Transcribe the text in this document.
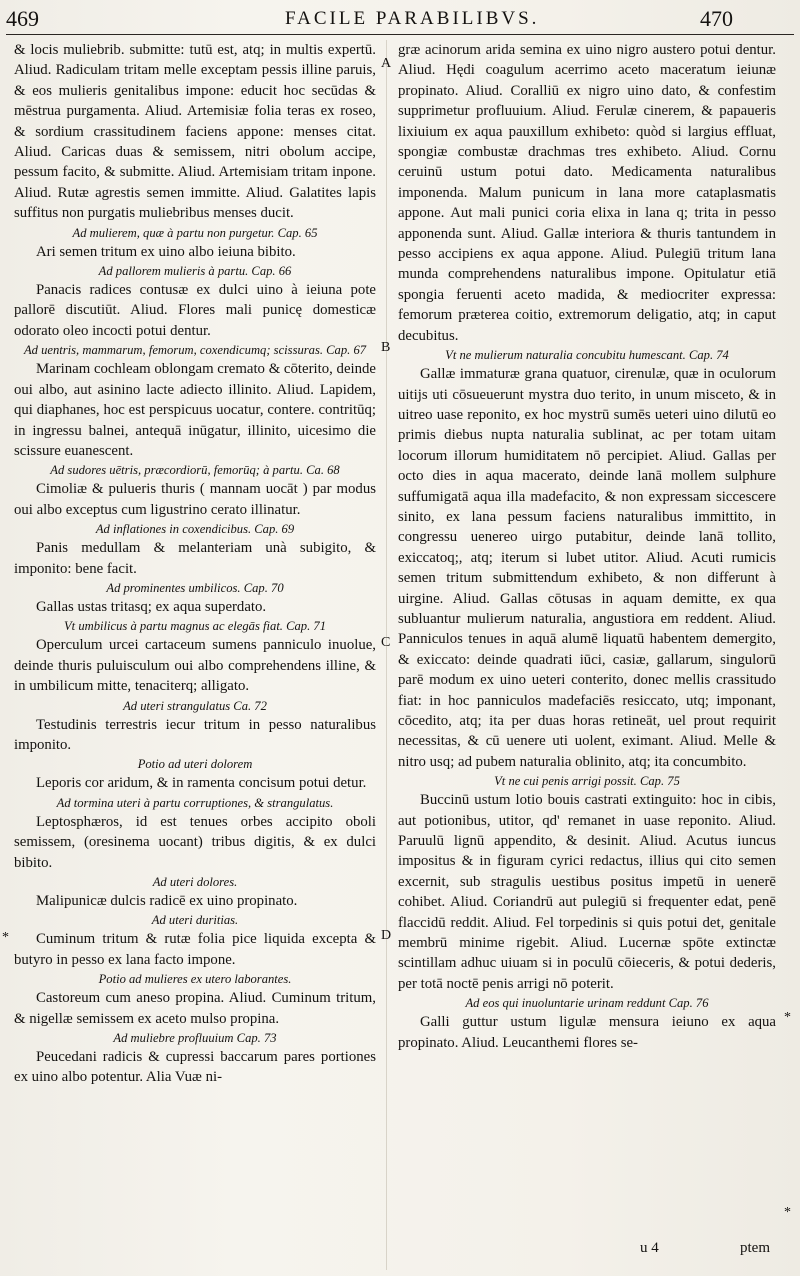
469	FACILE PARABILIBVS.	470

& locis muliebrib. submitte: tutū est, atq; in multis expertū. Aliud. Radiculam tritam melle exceptam pessis illine paruis, & eos mulieris genitalibus impone: educit hoc secūdas & mēstrua purgamenta. Aliud. Artemisiæ folia teras ex roseo, & sordium crassitudinem faciens appone: menses citat. Aliud. Caricas duas & semissem, nitri obolum accipe, pessum facito, & submitte. Aliud. Artemisiam tritam inpone. Aliud. Rutæ agrestis semen immitte. Aliud. Galatites lapis suffitus non purgatis muliebribus menses ducit.

Ad mulierem, quæ à partu non purgetur. Cap. 65

Ari semen tritum ex uino albo ieiuna bibito.

Ad pallorem mulieris à partu. Cap. 66

Panacis radices contusæ ex dulci uino à ieiuna pote pallorē discutiūt. Aliud. Flores mali punicę domesticæ odorato oleo incocti potui dentur.

Ad uentris, mammarum, femorum, coxendicumq; scissuras. Cap. 67

Marinam cochleam oblongam cremato & cōterito, deinde oui albo, aut asinino lacte adiecto illinito. Aliud. Lapidem, qui diaphanes, hoc est perspicuus uocatur, contere. contritūq; in ingressu balnei, antequā inūgatur, illinito, uicesimo die scissure euanescent.

Ad sudores uētris, præcordiorū, femorūq; à partu. Ca. 68

Cimoliæ & pulueris thuris ( mannam uocāt ) par modus oui albo exceptus cum ligustrino cerato illinatur.

Ad inflationes in coxendicibus. Cap. 69

Panis medullam & melanteriam unà subigito, & imponito: bene facit.

Ad prominentes umbilicos. Cap. 70

Gallas ustas tritasq; ex aqua superdato.

Vt umbilicus à partu magnus ac elegās fiat. Cap. 71

Operculum urcei cartaceum sumens panniculo inuolue, deinde thuris puluisculum oui albo comprehendens illine, & in umbilicum mitte, tenaciterq; alligato.

Ad uteri strangulatus Ca. 72

Testudinis terrestris iecur tritum in pesso naturalibus imponito.

Potio ad uteri dolorem

Leporis cor aridum, & in ramenta concisum potui detur.

Ad tormina uteri à partu corruptiones, & strangulatus.

Leptosphæros, id est tenues orbes accipito oboli semissem, (oresinema uocant) tribus digitis, & ex dulci bibito.

Ad uteri dolores.

Malipunicæ dulcis radicē ex uino propinato.

Ad uteri duritias.

Cuminum tritum & rutæ folia pice liquida excepta & butyro in pesso ex lana facto impone.

Potio ad mulieres ex utero laborantes.

Castoreum cum aneso propina. Aliud. Cuminum tritum, & nigellæ semissem ex aceto mulso propina.

Ad muliebre profluuium Cap. 73

Peucedani radicis & cupressi baccarum pares portiones ex uino albo potentur. Alia Vuæ ni-

græ acinorum arida semina ex uino nigro austero potui dentur. Aliud. Hędi coagulum acerrimo aceto maceratum ieiunæ propinato. Aliud. Coralliū ex nigro uino dato, & confestim supprimetur profluuium. Aliud. Ferulæ cinerem, & papaueris lixiuium ex aqua pauxillum exhibeto: quòd si largius effluat, spongiæ combustæ drachmas tres exhibeto. Aliud. Cornu ceruinū ustum potui dato. Medicamenta naturalibus imponenda. Malum punicum in lana more cataplasmatis appone. Aut mali punici coria elixa in lana q; trita in pesso apponenda sunt. Aliud. Gallæ interiora & thuris tantundem in pesso accipiens ex aqua appone. Aliud. Pulegiū tritum lana munda comprehendens naturalibus impone. Opitulatur etiā spongia feruenti aceto madida, & mediocriter expressa: femorum præterea coitio, extremorum deligatio, atq; in caput decubitus.

Vt ne mulierum naturalia concubitu humescant. Cap. 74

Gallæ immaturæ grana quatuor, cirenulæ, quæ in oculorum uitijs uti cōsueuerunt mystra duo terito, in unum misceto, & in uitreo uase reponito, ex hoc mystrū sumēs ueteri uino dilutū eo primis diebus nupta naturalia sublinat, ac per totam uitam locorum illorum humiditatem nō percipiet. Aliud. Gallas per octo dies in aqua macerato, deinde lanā mollem sulphure suffumigatā aqua illa madefacito, & non expressam siccescere sinito, ex lana pessum faciens naturalibus immittito, in congressu uenereo uirgo putabitur, deinde lanā tollito, exiccatoq;, atq; iterum si lubet utitor. Aliud. Acuti rumicis semen tritum submittendum exhibeto, & non differunt à uirgine. Aliud. Gallas cōtusas in aquam demitte, ex qua subluantur mulierum naturalia, angustiora em reddent. Aliud. Panniculos tenues in aquā alumē liquatū habentem demergito, & exiccato: deinde quadrati iūci, casiæ, gallarum, singulorū parē modum ex uino ueteri conterito, donec mellis crassitudo fiat: in hoc panniculos madefaciēs resiccato, utq; imponant, cōcedito, atq; ita per duas horas retineāt, uel prout requirit necessitas, & cū uenere uti uolent, eximant. Aliud. Melle & nitro usq; ad pubem naturalia oblinito, atq; ita concumbito.

Vt ne cui penis arrigi possit. Cap. 75

Buccinū ustum lotio bouis castrati extinguito: hoc in cibis, aut potionibus, utitor, qd' remanet in uase reponito. Aliud. Paruulū lignū appendito, & desinit. Aliud. Acutus iuncus impositus & in figuram cyrici redactus, illius qui cito semen excernit, sub stragulis uestibus positus impetū in uenerē cohibet. Aliud. Coriandrū aut pulegiū si frequenter edat, penē flaccidū reddit. Aliud. Fel torpedinis si quis potui det, genitale membrū minime rigebit. Aliud. Lucernæ spōte extinctæ scintillam adhuc uiuam si in poculū cōieceris, & potui dederis, per totā noctē penis arrigi nō poterit.

Ad eos qui inuoluntarie urinam reddunt Cap. 76

Galli guttur ustum ligulæ mensura ieiuno ex aqua propinato. Aliud. Leucanthemi flores se-

A
B
C
D
*
*
*
u 4	ptem
